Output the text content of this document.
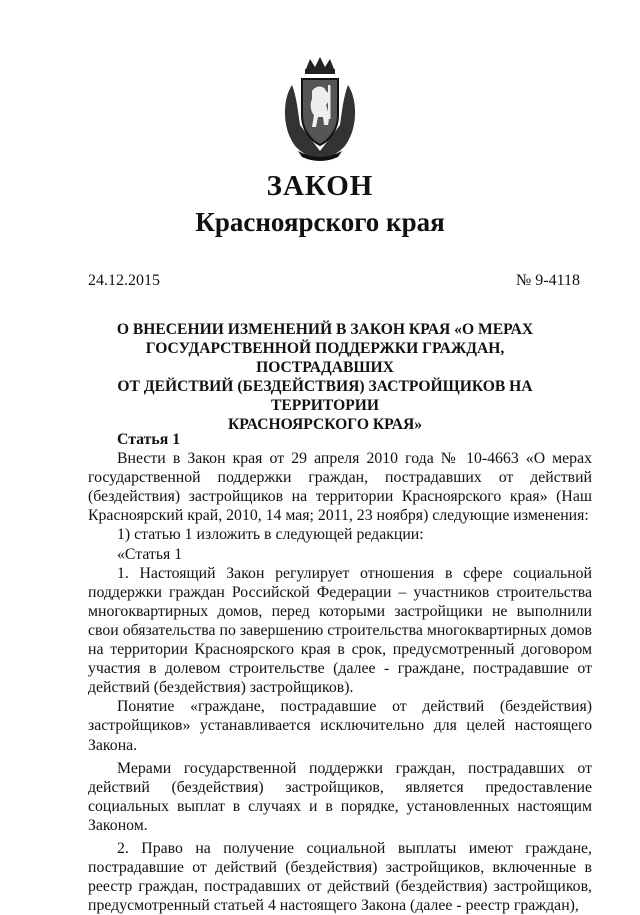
ЗАКОН
Красноярского края
24.12.2015	№ 9-4118
О ВНЕСЕНИИ ИЗМЕНЕНИЙ В ЗАКОН КРАЯ «О МЕРАХ
ГОСУДАРСТВЕННОЙ ПОДДЕРЖКИ ГРАЖДАН, ПОСТРАДАВШИХ
ОТ ДЕЙСТВИЙ (БЕЗДЕЙСТВИЯ) ЗАСТРОЙЩИКОВ НА ТЕРРИТОРИИ
КРАСНОЯРСКОГО КРАЯ»

Статья 1

Внести в Закон края от 29 апреля 2010 года № 10-4663 «О мерах государственной поддержки граждан, пострадавших от действий (бездействия) застройщиков на территории Красноярского края» (Наш Красноярский край, 2010, 14 мая; 2011, 23 ноября) следующие изменения:

1) статью 1 изложить в следующей редакции:

«Статья 1

1. Настоящий Закон регулирует отношения в сфере социальной поддержки граждан Российской Федерации – участников строительства многоквартирных домов, перед которыми застройщики не выполнили свои обязательства по завершению строительства многоквартирных домов на территории Красноярского края в срок, предусмотренный договором участия в долевом строительстве (далее - граждане, пострадавшие от действий (бездействия) застройщиков).

Понятие «граждане, пострадавшие от действий (бездействия) застройщиков» устанавливается исключительно для целей настоящего Закона.

Мерами государственной поддержки граждан, пострадавших от действий (бездействия) застройщиков, является предоставление социальных выплат в случаях и в порядке, установленных настоящим Законом.

2. Право на получение социальной выплаты имеют граждане, пострадавшие от действий (бездействия) застройщиков, включенные в реестр граждан, пострадавших от действий (бездействия) застройщиков, предусмотренный статьей 4 настоящего Закона (далее - реестр граждан),
